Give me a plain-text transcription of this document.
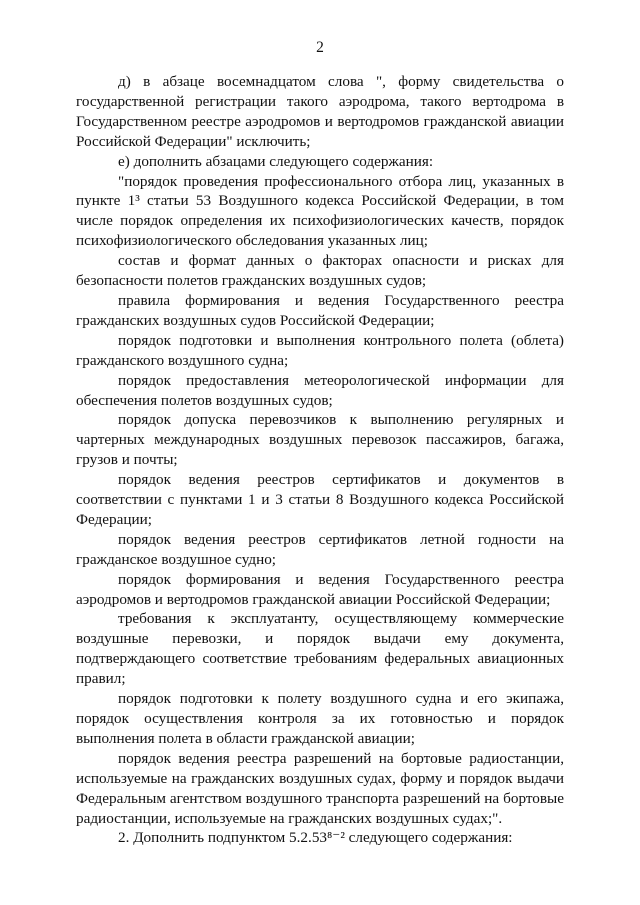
2

д) в абзаце восемнадцатом слова ", форму свидетельства о государственной регистрации такого аэродрома, такого вертодрома в Государственном реестре аэродромов и вертодромов гражданской авиации Российской Федерации" исключить;

е) дополнить абзацами следующего содержания:

"порядок проведения профессионального отбора лиц, указанных в пункте 1³ статьи 53 Воздушного кодекса Российской Федерации, в том числе порядок определения их психофизиологических качеств, порядок психофизиологического обследования указанных лиц;

состав и формат данных о факторах опасности и рисках для безопасности полетов гражданских воздушных судов;

правила формирования и ведения Государственного реестра гражданских воздушных судов Российской Федерации;

порядок подготовки и выполнения контрольного полета (облета) гражданского воздушного судна;

порядок предоставления метеорологической информации для обеспечения полетов воздушных судов;

порядок допуска перевозчиков к выполнению регулярных и чартерных международных воздушных перевозок пассажиров, багажа, грузов и почты;

порядок ведения реестров сертификатов и документов в соответствии с пунктами 1 и 3 статьи 8 Воздушного кодекса Российской Федерации;

порядок ведения реестров сертификатов летной годности на гражданское воздушное судно;

порядок формирования и ведения Государственного реестра аэродромов и вертодромов гражданской авиации Российской Федерации;

требования к эксплуатанту, осуществляющему коммерческие воздушные перевозки, и порядок выдачи ему документа, подтверждающего соответствие требованиям федеральных авиационных правил;

порядок подготовки к полету воздушного судна и его экипажа, порядок осуществления контроля за их готовностью и порядок выполнения полета в области гражданской авиации;

порядок ведения реестра разрешений на бортовые радиостанции, используемые на гражданских воздушных судах, форму и порядок выдачи Федеральным агентством воздушного транспорта разрешений на бортовые радиостанции, используемые на гражданских воздушных судах;".

2. Дополнить подпунктом 5.2.53⁸⁻² следующего содержания:
